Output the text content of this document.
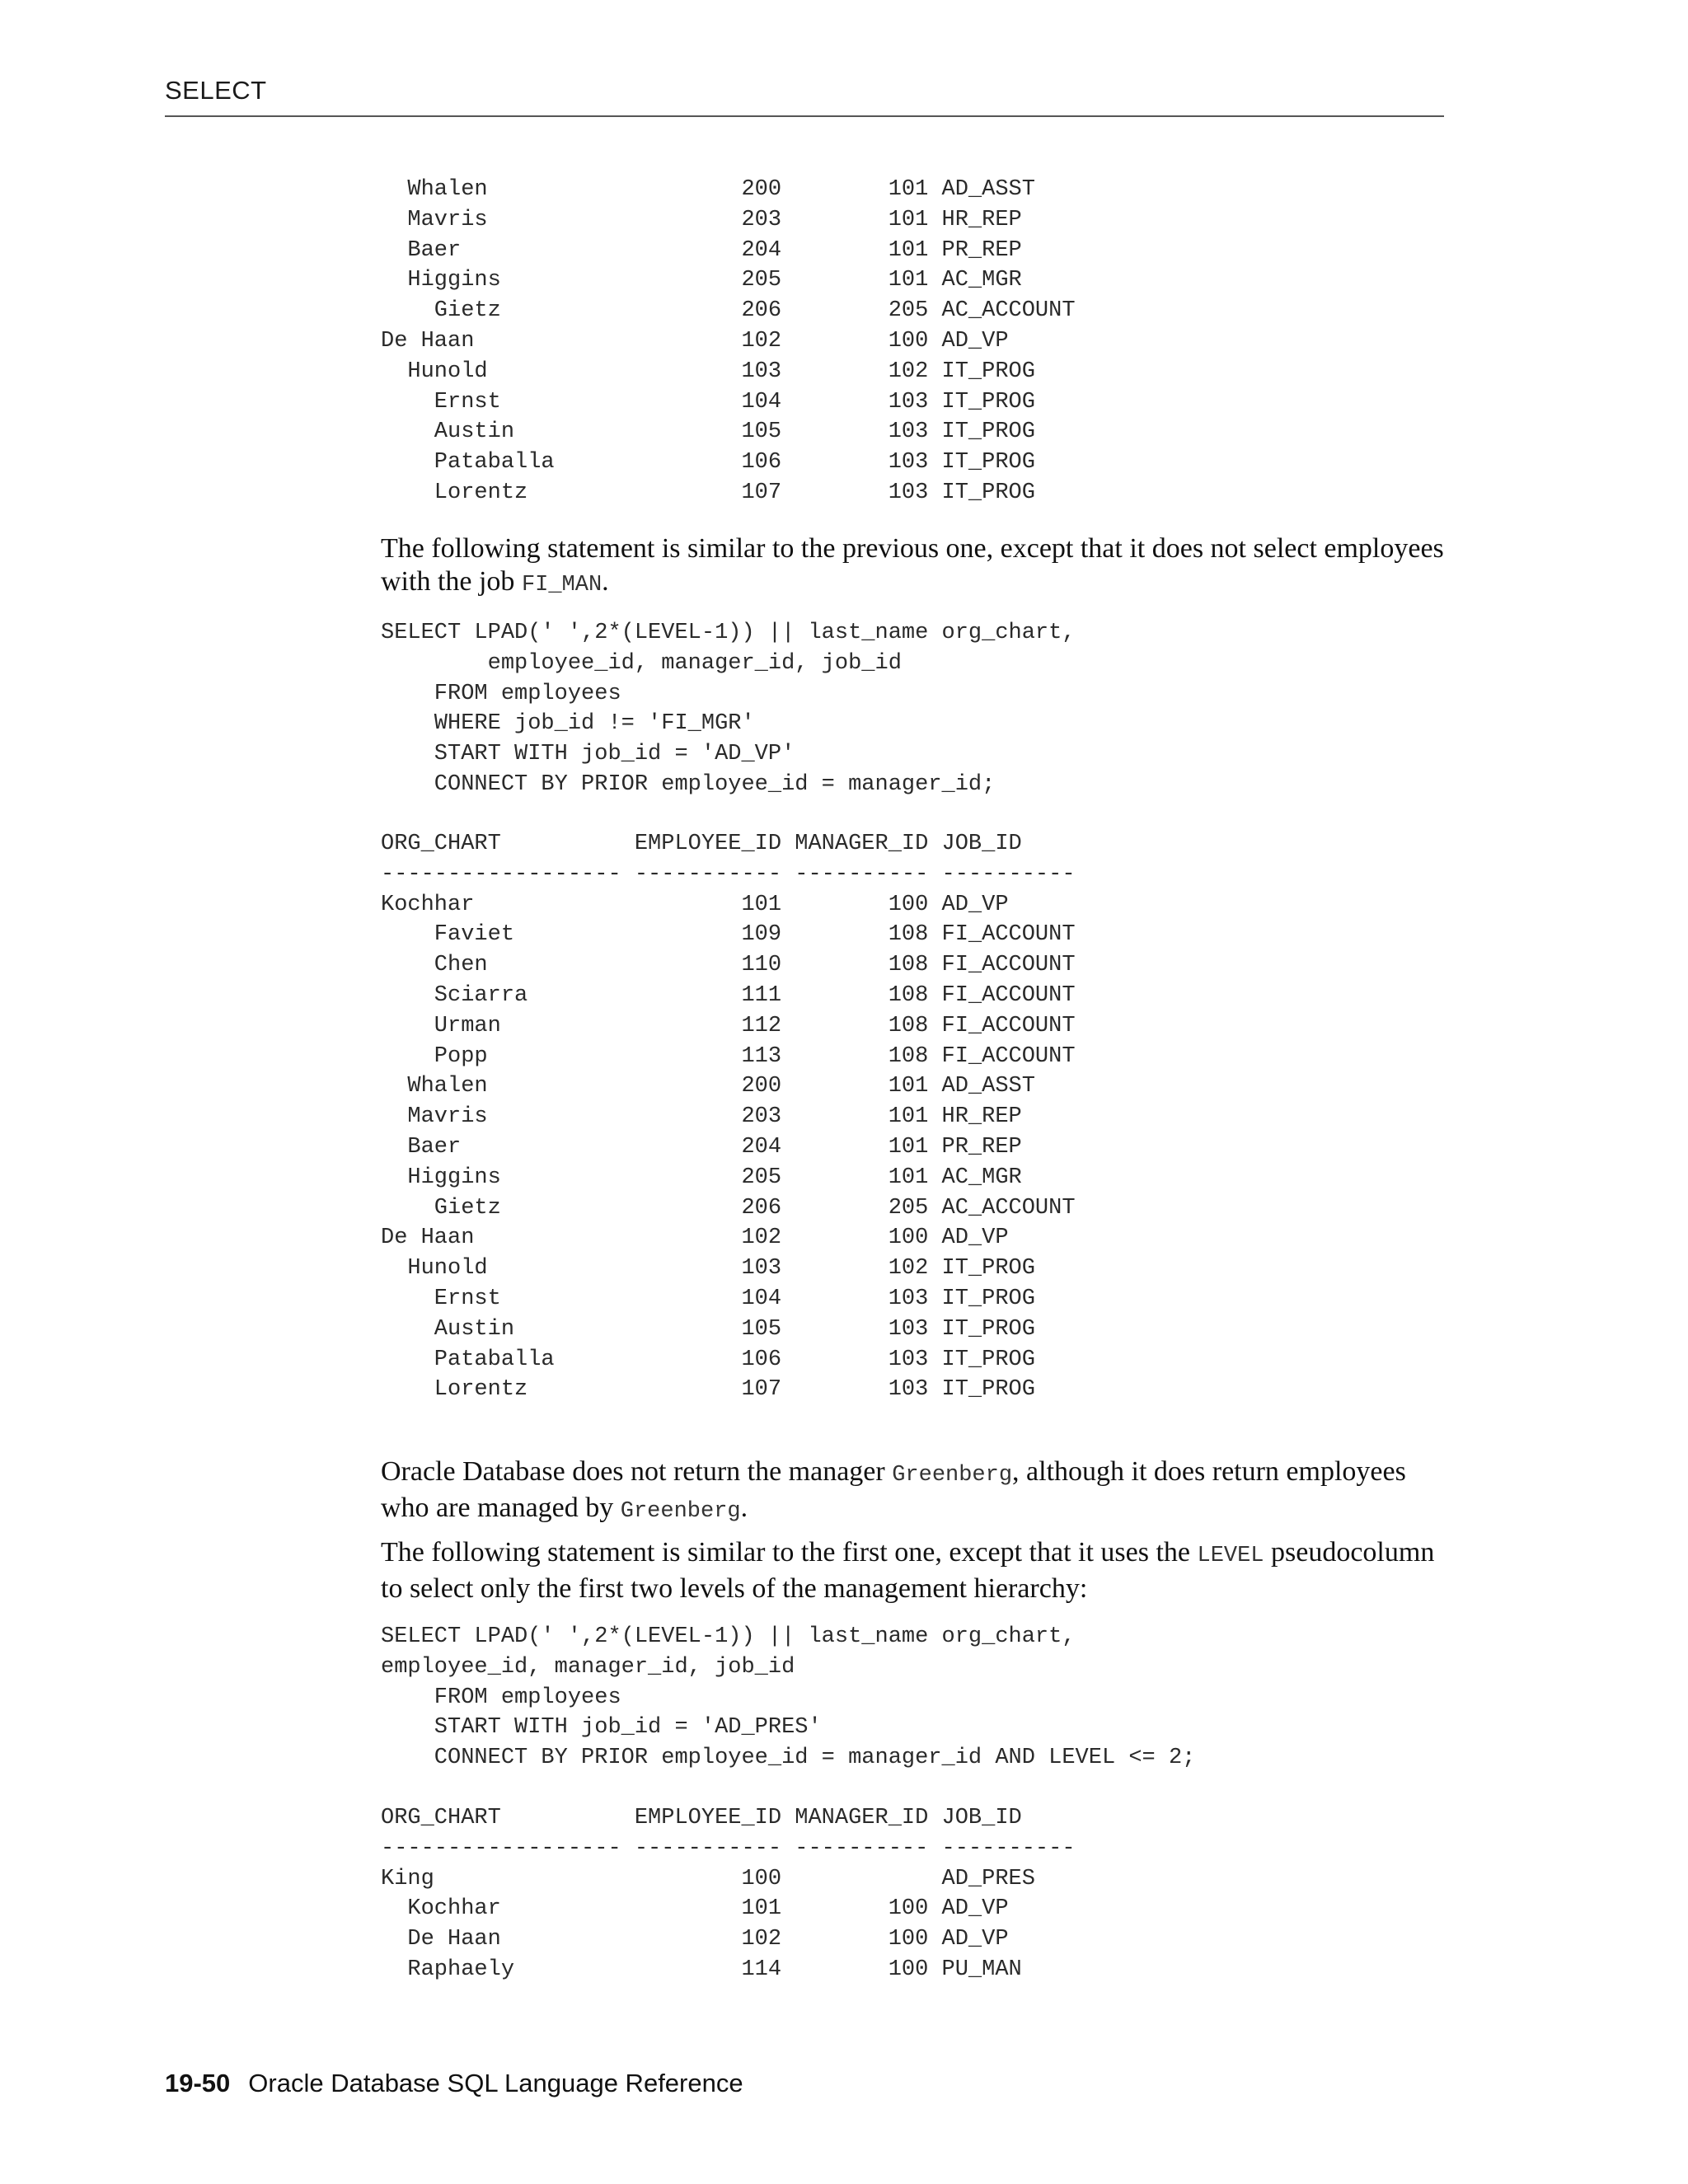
SELECT
Whalen                   200        101 AD_ASST
Mavris                   203        101 HR_REP
Baer                     204        101 PR_REP
Higgins                  205        101 AC_MGR
Gietz                  206        205 AC_ACCOUNT
De Haan                    102        100 AD_VP
Hunold                   103        102 IT_PROG
Ernst                  104        103 IT_PROG
Austin                 105        103 IT_PROG
Pataballa              106        103 IT_PROG
Lorentz                107        103 IT_PROG

The following statement is similar to the previous one, except that it does not select employees with the job FI_MAN.

SELECT LPAD(' ',2*(LEVEL-1)) || last_name org_chart,
employee_id, manager_id, job_id
FROM employees
WHERE job_id != 'FI_MGR'
START WITH job_id = 'AD_VP'
CONNECT BY PRIOR employee_id = manager_id;
ORG_CHART          EMPLOYEE_ID MANAGER_ID JOB_ID
------------------ ----------- ---------- ----------
Kochhar                    101        100 AD_VP
Faviet                 109        108 FI_ACCOUNT
Chen                   110        108 FI_ACCOUNT
Sciarra                111        108 FI_ACCOUNT
Urman                  112        108 FI_ACCOUNT
Popp                   113        108 FI_ACCOUNT
Whalen                   200        101 AD_ASST
Mavris                   203        101 HR_REP
Baer                     204        101 PR_REP
Higgins                  205        101 AC_MGR
Gietz                  206        205 AC_ACCOUNT
De Haan                    102        100 AD_VP
Hunold                   103        102 IT_PROG
Ernst                  104        103 IT_PROG
Austin                 105        103 IT_PROG
Pataballa              106        103 IT_PROG
Lorentz                107        103 IT_PROG

Oracle Database does not return the manager Greenberg, although it does return employees who are managed by Greenberg.

The following statement is similar to the first one, except that it uses the LEVEL pseudocolumn to select only the first two levels of the management hierarchy:

SELECT LPAD(' ',2*(LEVEL-1)) || last_name org_chart,
employee_id, manager_id, job_id
FROM employees
START WITH job_id = 'AD_PRES'
CONNECT BY PRIOR employee_id = manager_id AND LEVEL <= 2;
ORG_CHART          EMPLOYEE_ID MANAGER_ID JOB_ID
------------------ ----------- ---------- ----------
King                       100            AD_PRES
Kochhar                  101        100 AD_VP
De Haan                  102        100 AD_VP
Raphaely                 114        100 PU_MAN
19-50 Oracle Database SQL Language Reference
